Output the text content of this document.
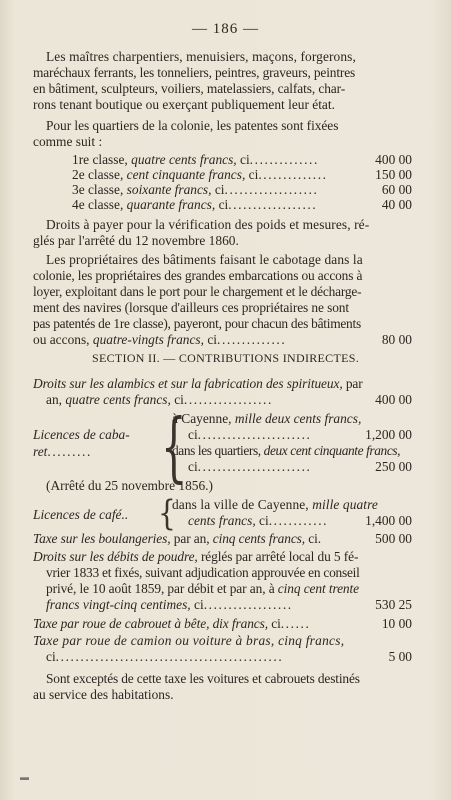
— 186 —
Les maîtres charpentiers, menuisiers, maçons, forgerons,
maréchaux ferrants, les tonneliers, peintres, graveurs, peintres
en bâtiment, sculpteurs, voiliers, matelassiers, calfats, char-
rons tenant boutique ou exerçant publiquement leur état.
Pour les quartiers de la colonie, les patentes sont fixées
comme suit :
1re classe, quatre cents francs, ci..............	400 00
2e classe, cent cinquante francs, ci..............	150 00
3e classe, soixante francs, ci...................	60 00
4e classe, quarante francs, ci..................	40 00
Droits à payer pour la vérification des poids et mesures, ré-
glés par l'arrêté du 12 novembre 1860.
Les propriétaires des bâtiments faisant le cabotage dans la
colonie, les propriétaires des grandes embarcations ou accons à
loyer, exploitant dans le port pour le chargement et le décharge-
ment des navires (lorsque d'ailleurs ces propriétaires ne sont
pas patentés de 1re classe), payeront, pour chacun des bâtiments
ou accons, quatre-vingts francs, ci..............	80 00
SECTION II. — CONTRIBUTIONS INDIRECTES.
Droits sur les alambics et sur la fabrication des spiritueux, par
an, quatre cents francs, ci..................	400 00
Licences de caba-
ret......... {
à Cayenne, mille deux cents francs,
ci.......................	1,200 00
dans les quartiers, deux cent cinquante francs,
ci.......................	250 00
(Arrêté du 25 novembre 1856.)
{
Licences de café..
dans la ville de Cayenne, mille quatre
cents francs, ci............	1,400 00
Taxe sur les boulangeries, par an, cinq cents francs, ci.	500 00
Droits sur les débits de poudre, réglés par arrêté local du 5 fé-
vrier 1833 et fixés, suivant adjudication approuvée en conseil
privé, le 10 août 1859, par débit et par an, à cinq cent trente
francs vingt-cinq centimes, ci..................	530 25
Taxe par roue de cabrouet à bête, dix francs, ci......	10 00
Taxe par roue de camion ou voiture à bras, cinq francs,
ci..............................................	5 00
Sont exceptés de cette taxe les voitures et cabrouets destinés
au service des habitations.
▬
